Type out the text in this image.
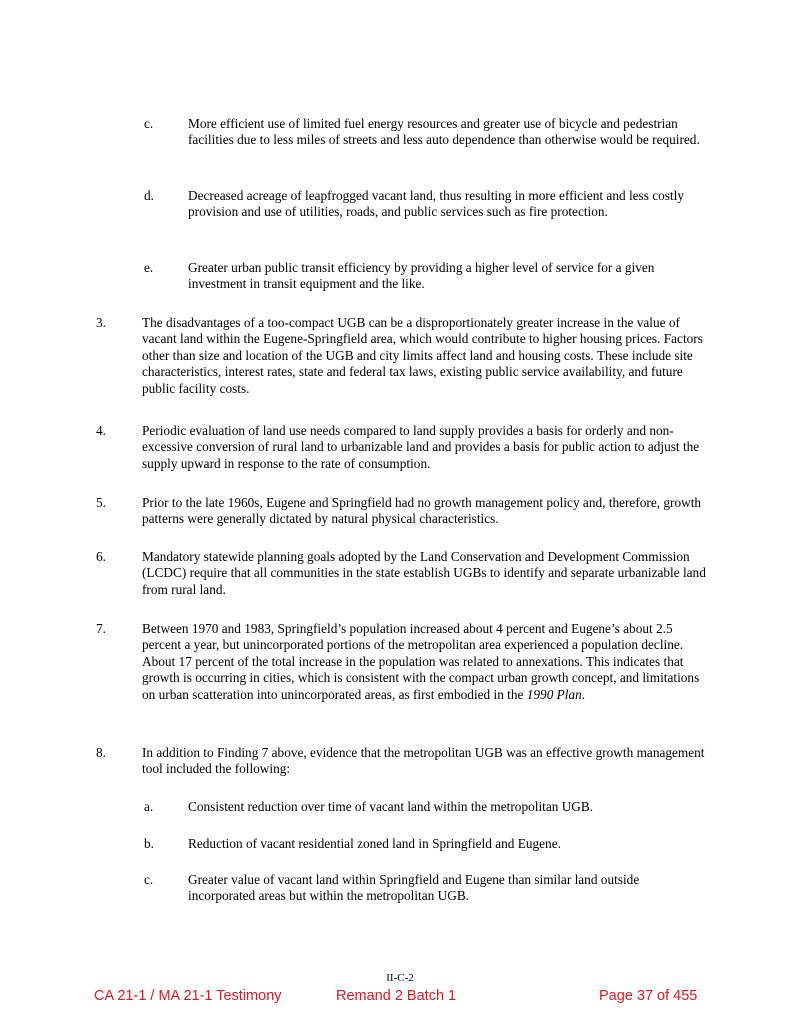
c.	More efficient use of limited fuel energy resources and greater use of bicycle and pedestrian facilities due to less miles of streets and less auto dependence than otherwise would be required.
d.	Decreased acreage of leapfrogged vacant land, thus resulting in more efficient and less costly provision and use of utilities, roads, and public services such as fire protection.
e.	Greater urban public transit efficiency by providing a higher level of service for a given investment in transit equipment and the like.
3.	The disadvantages of a too-compact UGB can be a disproportionately greater increase in the value of vacant land within the Eugene-Springfield area, which would contribute to higher housing prices. Factors other than size and location of the UGB and city limits affect land and housing costs. These include site characteristics, interest rates, state and federal tax laws, existing public service availability, and future public facility costs.
4.	Periodic evaluation of land use needs compared to land supply provides a basis for orderly and non-excessive conversion of rural land to urbanizable land and provides a basis for public action to adjust the supply upward in response to the rate of consumption.
5.	Prior to the late 1960s, Eugene and Springfield had no growth management policy and, therefore, growth patterns were generally dictated by natural physical characteristics.
6.	Mandatory statewide planning goals adopted by the Land Conservation and Development Commission (LCDC) require that all communities in the state establish UGBs to identify and separate urbanizable land from rural land.
7.	Between 1970 and 1983, Springfield’s population increased about 4 percent and Eugene’s about 2.5 percent a year, but unincorporated portions of the metropolitan area experienced a population decline. About 17 percent of the total increase in the population was related to annexations. This indicates that growth is occurring in cities, which is consistent with the compact urban growth concept, and limitations on urban scatteration into unincorporated areas, as first embodied in the 1990 Plan.
8.	In addition to Finding 7 above, evidence that the metropolitan UGB was an effective growth management tool included the following:
a.	Consistent reduction over time of vacant land within the metropolitan UGB.
b.	Reduction of vacant residential zoned land in Springfield and Eugene.
c.	Greater value of vacant land within Springfield and Eugene than similar land outside incorporated areas but within the metropolitan UGB.
II-C-2
CA 21-1 / MA 21-1 Testimony	Remand 2 Batch 1	Page 37 of 455
